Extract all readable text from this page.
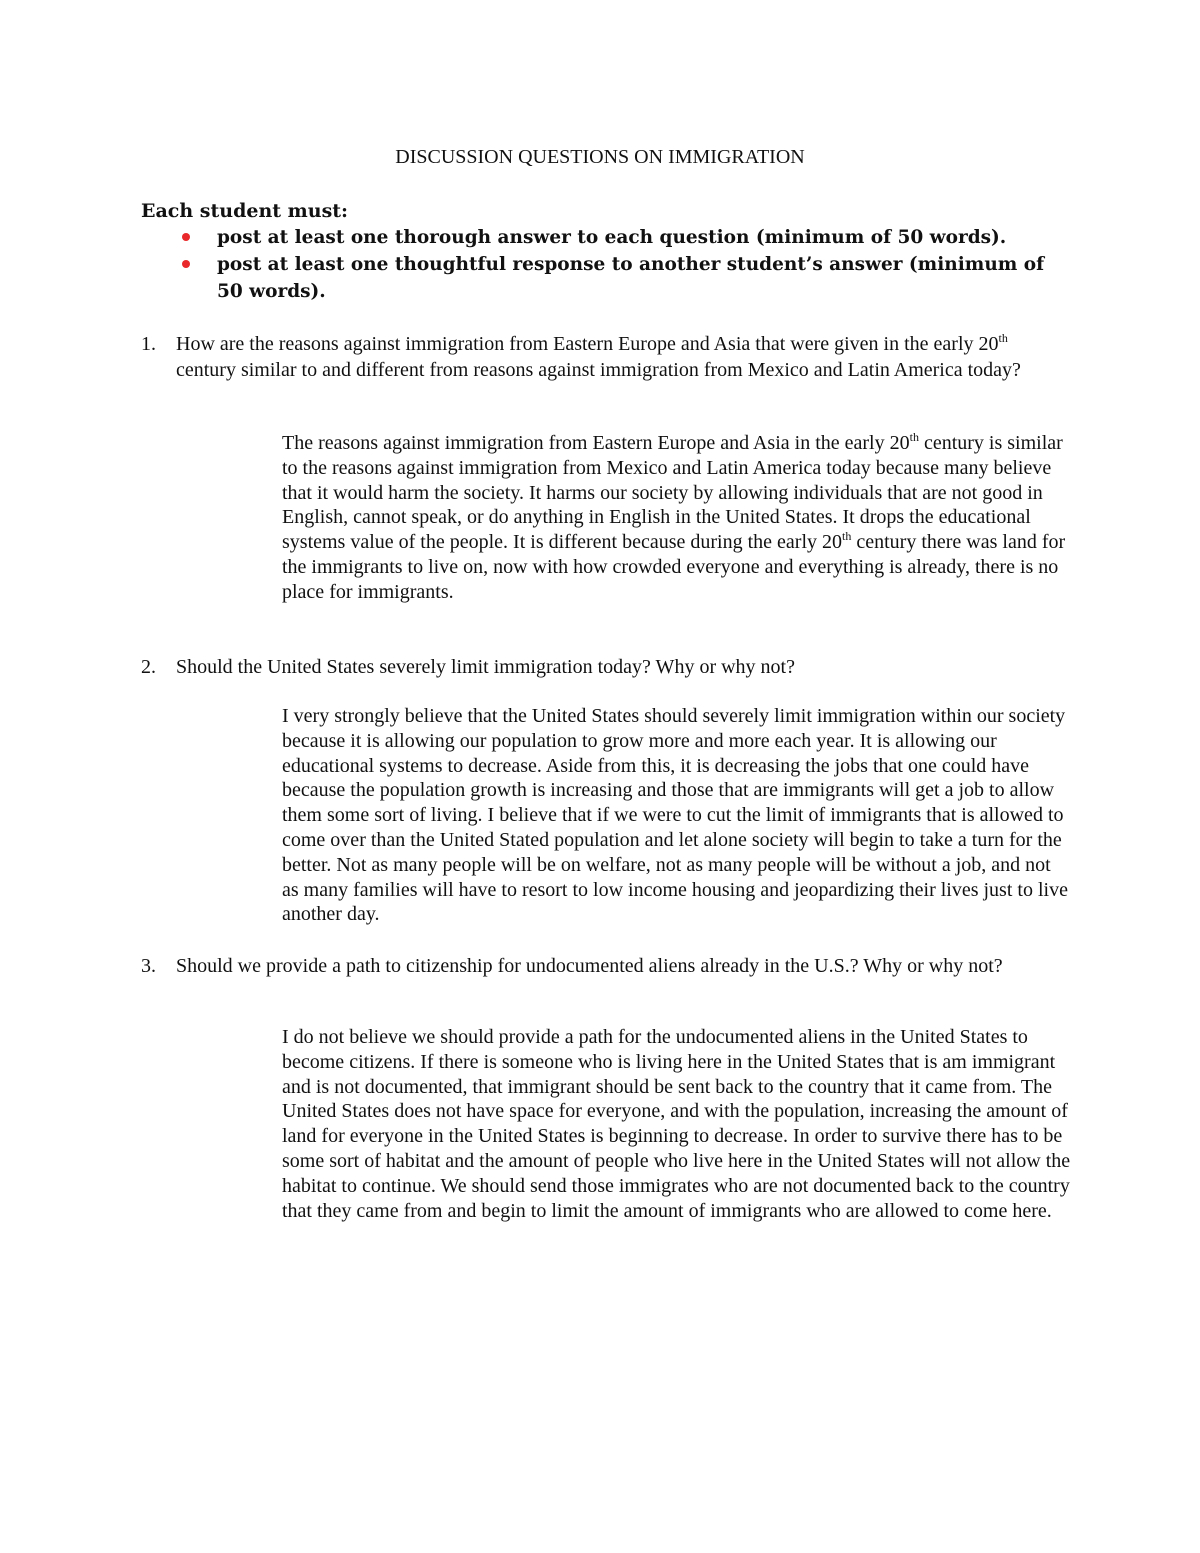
DISCUSSION QUESTIONS ON IMMIGRATION
Each student must:
post at least one thorough answer to each question (minimum of 50 words).
post at least one thoughtful response to another student’s answer (minimum of 50 words).
1. How are the reasons against immigration from Eastern Europe and Asia that were given in the early 20th century similar to and different from reasons against immigration from Mexico and Latin America today?
The reasons against immigration from Eastern Europe and Asia in the early 20th century is similar to the reasons against immigration from Mexico and Latin America today because many believe that it would harm the society. It harms our society by allowing individuals that are not good in English, cannot speak, or do anything in English in the United States. It drops the educational systems value of the people. It is different because during the early 20th century there was land for the immigrants to live on, now with how crowded everyone and everything is already, there is no place for immigrants.
2. Should the United States severely limit immigration today? Why or why not?
I very strongly believe that the United States should severely limit immigration within our society because it is allowing our population to grow more and more each year. It is allowing our educational systems to decrease. Aside from this, it is decreasing the jobs that one could have because the population growth is increasing and those that are immigrants will get a job to allow them some sort of living. I believe that if we were to cut the limit of immigrants that is allowed to come over than the United Stated population and let alone society will begin to take a turn for the better. Not as many people will be on welfare, not as many people will be without a job, and not as many families will have to resort to low income housing and jeopardizing their lives just to live another day.
3. Should we provide a path to citizenship for undocumented aliens already in the U.S.? Why or why not?
I do not believe we should provide a path for the undocumented aliens in the United States to become citizens. If there is someone who is living here in the United States that is am immigrant and is not documented, that immigrant should be sent back to the country that it came from. The United States does not have space for everyone, and with the population, increasing the amount of land for everyone in the United States is beginning to decrease. In order to survive there has to be some sort of habitat and the amount of people who live here in the United States will not allow the habitat to continue. We should send those immigrates who are not documented back to the country that they came from and begin to limit the amount of immigrants who are allowed to come here.
